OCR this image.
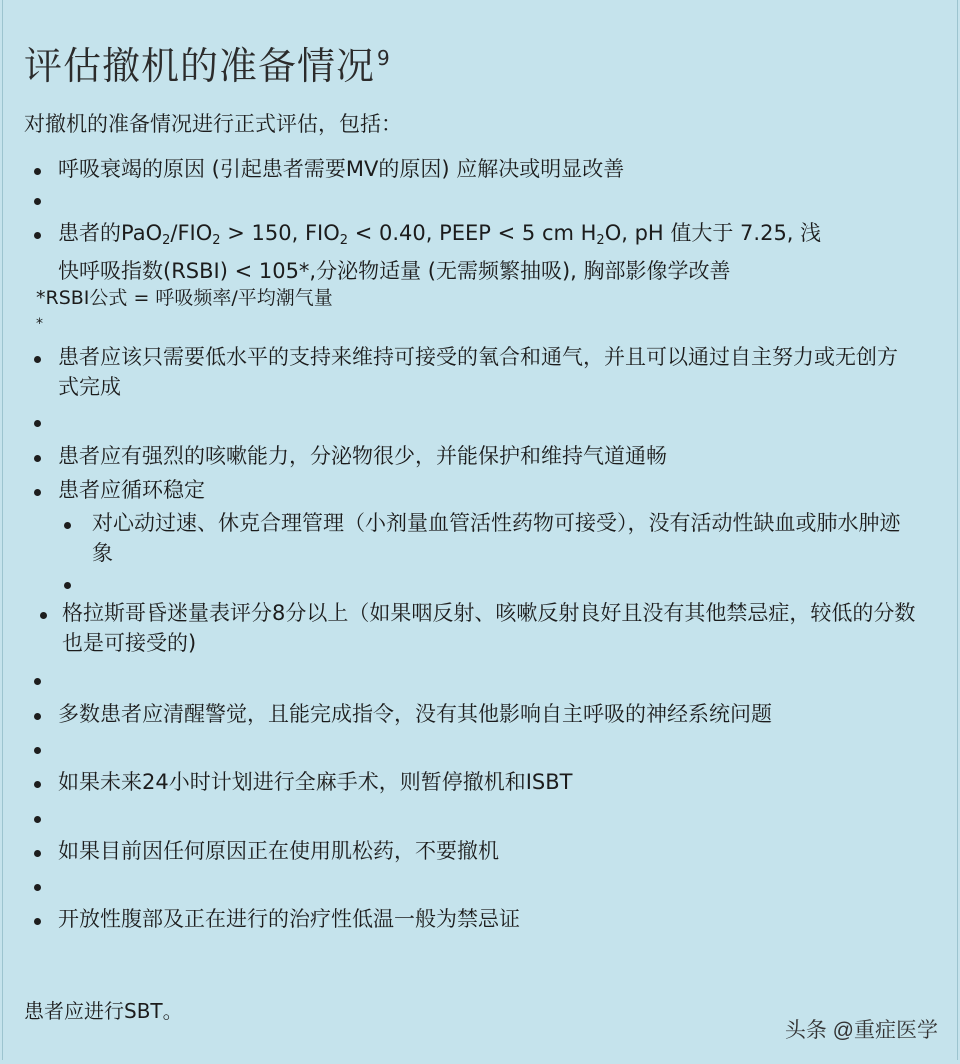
评估撤机的准备情况 $^9$
对撤机的准备情况进行正式评估，包括：
呼吸衰竭的原因 (引起患者需要MV的原因) 应解决或明显改善
患者的$PaO_2/FIO_2 > 150$, $FIO_2 < 0.40$, PEEP < 5 cm $H_2O$, pH 值大于 7.25, 浅
快呼吸指数(RSBI) < 105*,分泌物适量 (无需频繁抽吸), 胸部影像学改善
*RSBI公式 = 呼吸频率/平均潮气量
*
患者应该只需要低水平的支持来维持可接受的氧合和通气，并且可以通过自主努力或无创方式完成
患者应有强烈的咳嗽能力，分泌物很少，并能保护和维持气道通畅
患者应循环稳定
对心动过速、休克合理管理（小剂量血管活性药物可接受），没有活动性缺血或肺水肿迹象
格拉斯哥昏迷量表评分8分以上（如果咽反射、咳嗽反射良好且没有其他禁忌症，较低的分数也是可接受的)
多数患者应清醒警觉，且能完成指令，没有其他影响自主呼吸的神经系统问题
如果未来24小时计划进行全麻手术，则暂停撤机和ISBT
如果目前因任何原因正在使用肌松药，不要撤机
开放性腹部及正在进行的治疗性低温一般为禁忌证
患者应进行SBT。
头条 @重症医学
